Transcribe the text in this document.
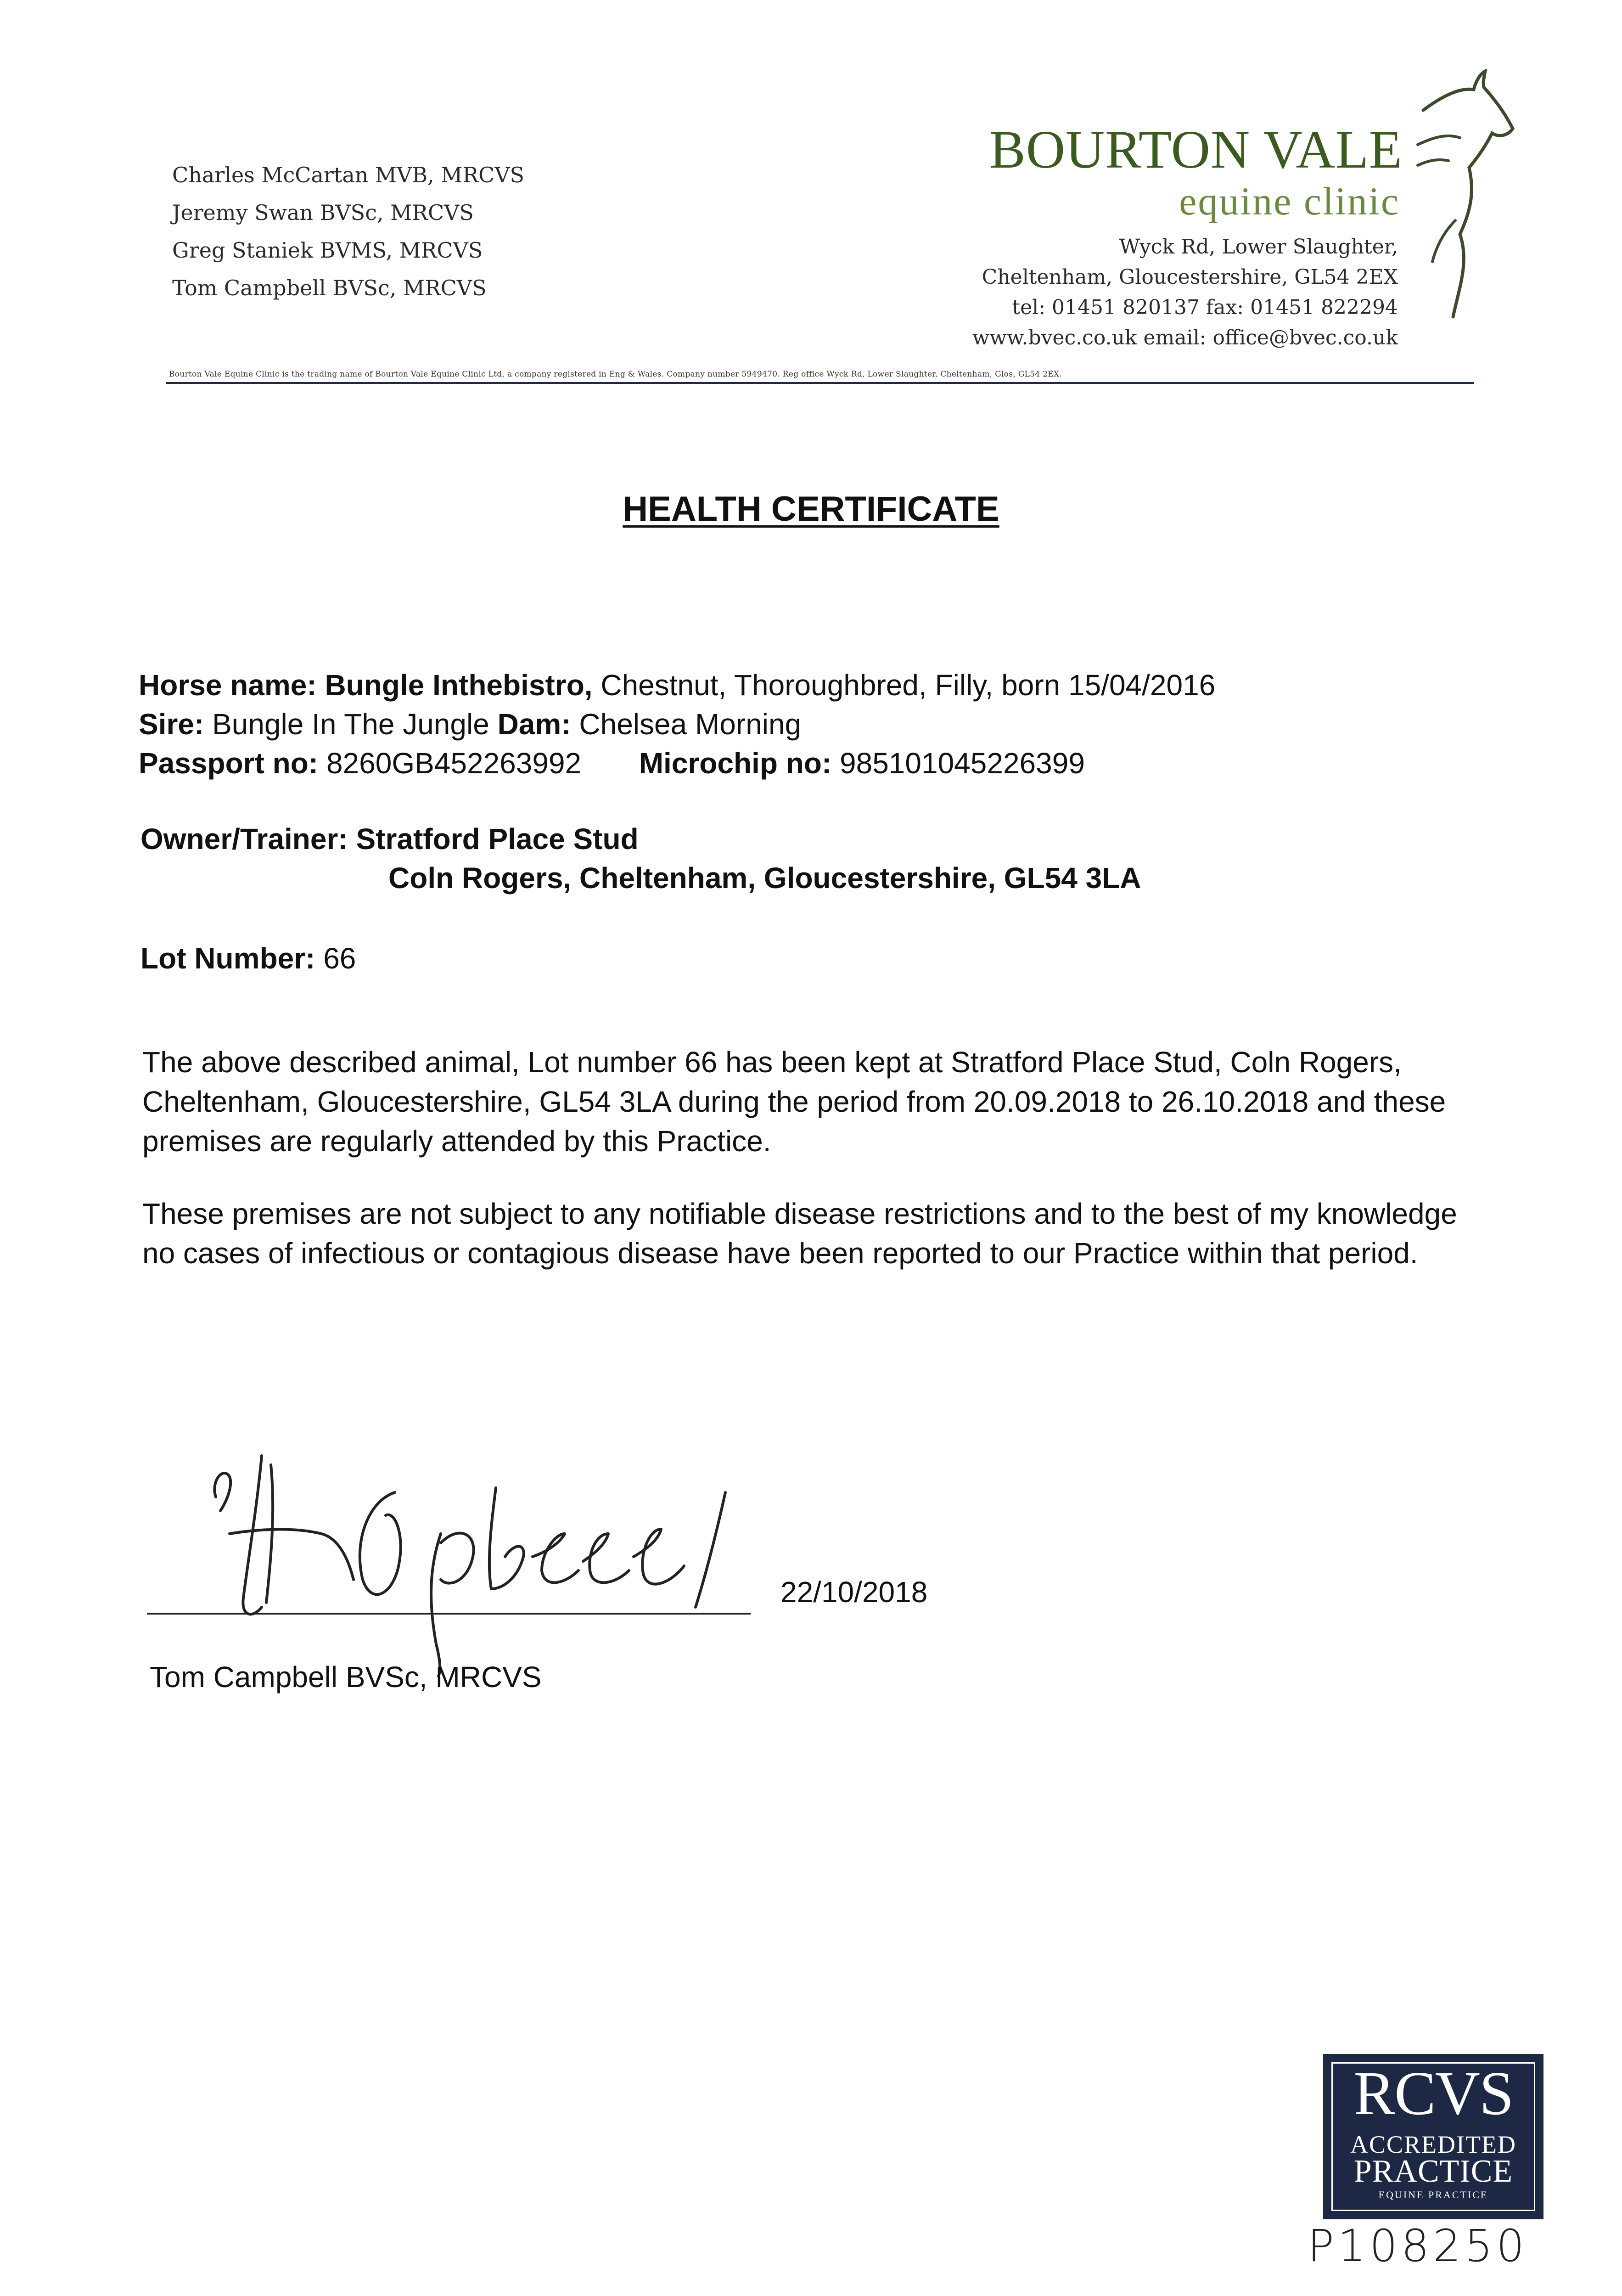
Charles McCartan MVB, MRCVS
Jeremy Swan BVSc, MRCVS
Greg Staniek BVMS, MRCVS
Tom Campbell BVSc, MRCVS
BOURTON VALE
equine clinic
Wyck Rd, Lower Slaughter,
Cheltenham, Gloucestershire, GL54 2EX
tel: 01451 820137 fax: 01451 822294
www.bvec.co.uk email: office@bvec.co.uk
Bourton Vale Equine Clinic is the trading name of Bourton Vale Equine Clinic Ltd, a company registered in Eng & Wales. Company number 5949470. Reg office Wyck Rd, Lower Slaughter, Cheltenham, Glos, GL54 2EX.
HEALTH CERTIFICATE
Horse name: Bungle Inthebistro, Chestnut, Thoroughbred, Filly, born 15/04/2016
Sire: Bungle In The Jungle Dam: Chelsea Morning
Passport no: 8260GB452263992 Microchip no: 985101045226399
Owner/Trainer: Stratford Place Stud
Coln Rogers, Cheltenham, Gloucestershire, GL54 3LA
Lot Number: 66
The above described animal, Lot number 66 has been kept at Stratford Place Stud, Coln Rogers, Cheltenham, Gloucestershire, GL54 3LA during the period from 20.09.2018 to 26.10.2018 and these premises are regularly attended by this Practice.
These premises are not subject to any notifiable disease restrictions and to the best of my knowledge no cases of infectious or contagious disease have been reported to our Practice within that period.
22/10/2018
Tom Campbell BVSc, MRCVS
RCVS
ACCREDITED
PRACTICE
EQUINE PRACTICE
P108250
